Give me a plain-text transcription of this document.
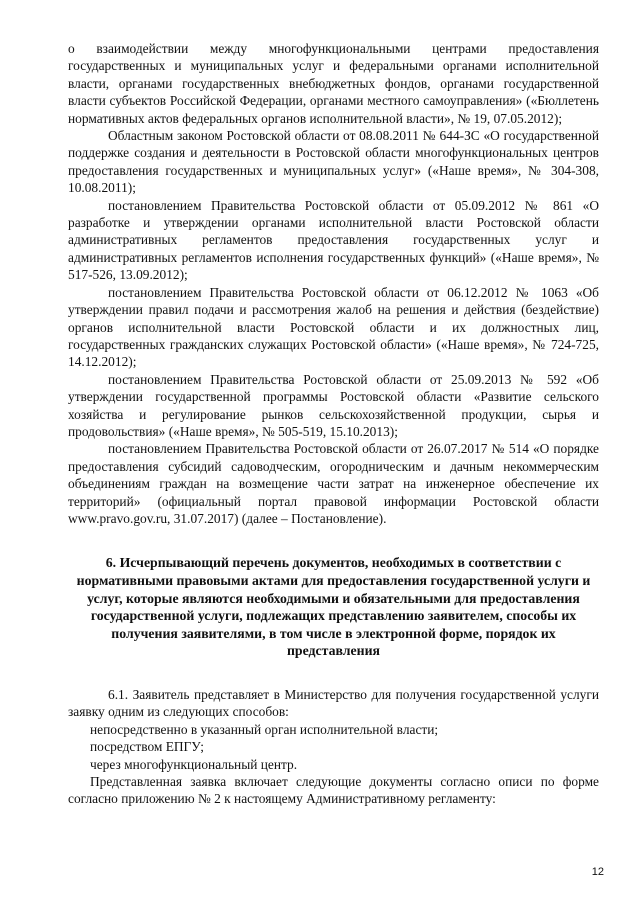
о взаимодействии между многофункциональными центрами предоставления государственных и муниципальных услуг и федеральными органами исполнительной власти, органами государственных внебюджетных фондов, органами государственной власти субъектов Российской Федерации, органами местного самоуправления» («Бюллетень нормативных актов федеральных органов исполнительной власти», № 19, 07.05.2012);

Областным законом Ростовской области от 08.08.2011 № 644-ЗС «О государственной поддержке создания и деятельности в Ростовской области многофункциональных центров предоставления государственных и муниципальных услуг» («Наше время», № 304-308, 10.08.2011);

постановлением Правительства Ростовской области от 05.09.2012 № 861 «О разработке и утверждении органами исполнительной власти Ростовской области административных регламентов предоставления государственных услуг и административных регламентов исполнения государственных функций» («Наше время», № 517-526, 13.09.2012);

постановлением Правительства Ростовской области от 06.12.2012 № 1063 «Об утверждении правил подачи и рассмотрения жалоб на решения и действия (бездействие) органов исполнительной власти Ростовской области и их должностных лиц, государственных гражданских служащих Ростовской области» («Наше время», № 724-725, 14.12.2012);

постановлением Правительства Ростовской области от 25.09.2013 № 592 «Об утверждении государственной программы Ростовской области «Развитие сельского хозяйства и регулирование рынков сельскохозяйственной продукции, сырья и продовольствия» («Наше время», № 505-519, 15.10.2013);

постановлением Правительства Ростовской области от 26.07.2017 № 514 «О порядке предоставления субсидий садоводческим, огородническим и дачным некоммерческим объединениям граждан на возмещение части затрат на инженерное обеспечение их территорий» (официальный портал правовой информации Ростовской области www.pravo.gov.ru, 31.07.2017) (далее – Постановление).

6. Исчерпывающий перечень документов, необходимых в соответствии с нормативными правовыми актами для предоставления государственной услуги и услуг, которые являются необходимыми и обязательными для предоставления государственной услуги, подлежащих представлению заявителем, способы их получения заявителями, в том числе в электронной форме, порядок их представления

6.1. Заявитель представляет в Министерство для получения государственной услуги заявку одним из следующих способов:

непосредственно в указанный орган исполнительной власти;

посредством ЕПГУ;

через многофункциональный центр.

Представленная заявка включает следующие документы согласно описи по форме согласно приложению № 2 к настоящему Административному регламенту:

12
